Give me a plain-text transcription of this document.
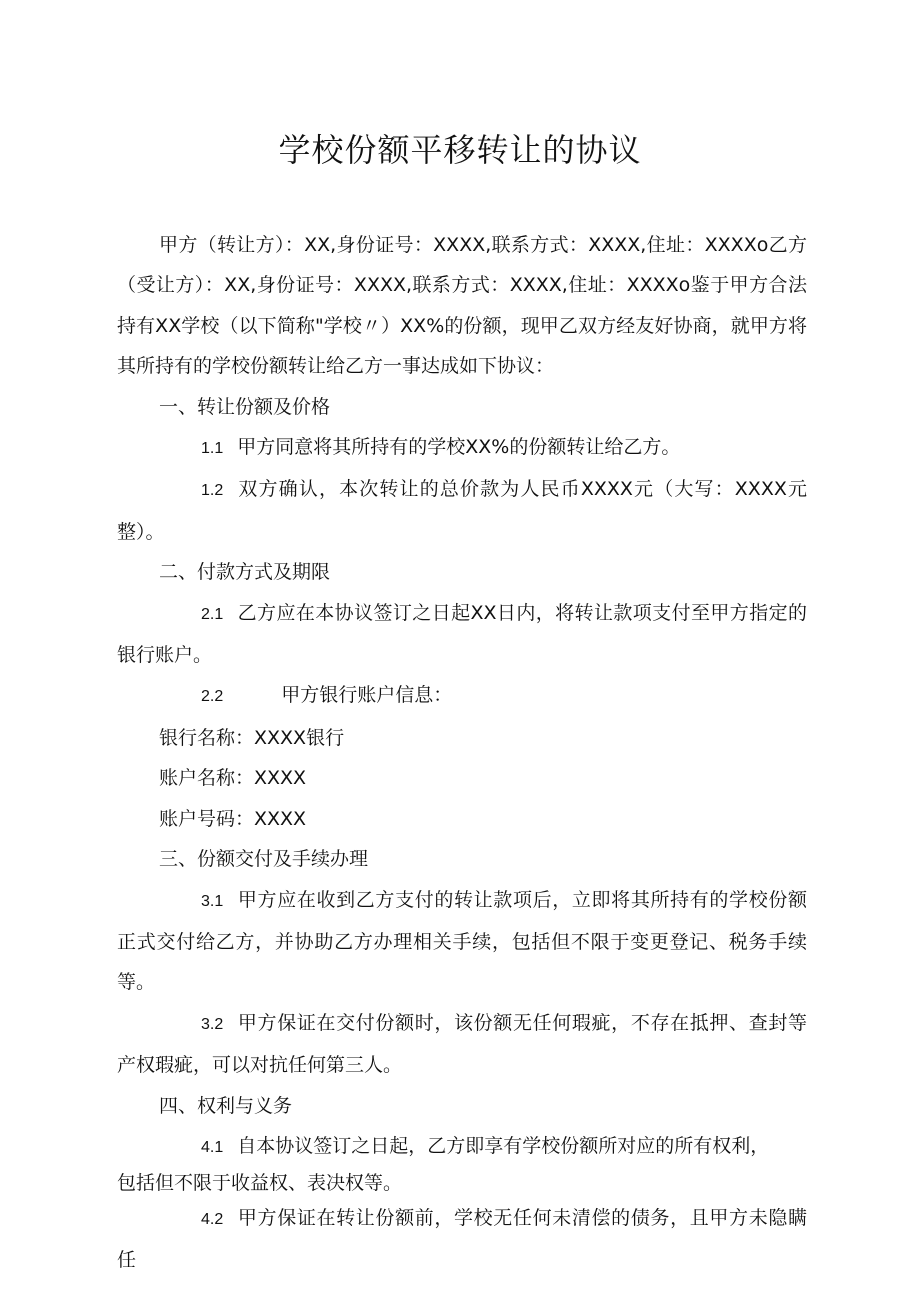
学校份额平移转让的协议

甲方（转让方）：XX,身份证号：XXXX,联系方式：XXXX,住址：XXXXo乙方（受让方）：XX,身份证号：XXXX,联系方式：XXXX,住址：XXXXo鉴于甲方合法持有XX学校（以下简称"学校〃）XX%的份额，现甲乙双方经友好协商，就甲方将其所持有的学校份额转让给乙方一事达成如下协议：

一、转让份额及价格

1.1 甲方同意将其所持有的学校XX%的份额转让给乙方。

1.2 双方确认，本次转让的总价款为人民币XXXX元（大写：XXXX元整）。

二、付款方式及期限

2.1 乙方应在本协议签订之日起XX日内，将转让款项支付至甲方指定的银行账户。

2.2	甲方银行账户信息：

银行名称：XXXX银行

账户名称：XXXX

账户号码：XXXX

三、份额交付及手续办理

3.1 甲方应在收到乙方支付的转让款项后，立即将其所持有的学校份额正式交付给乙方，并协助乙方办理相关手续，包括但不限于变更登记、税务手续等。

3.2 甲方保证在交付份额时，该份额无任何瑕疵，不存在抵押、查封等产权瑕疵，可以对抗任何第三人。

四、权利与义务

4.1 自本协议签订之日起，乙方即享有学校份额所对应的所有权利，

包括但不限于收益权、表决权等。

4.2 甲方保证在转让份额前，学校无任何未清偿的债务，且甲方未隐瞒任
